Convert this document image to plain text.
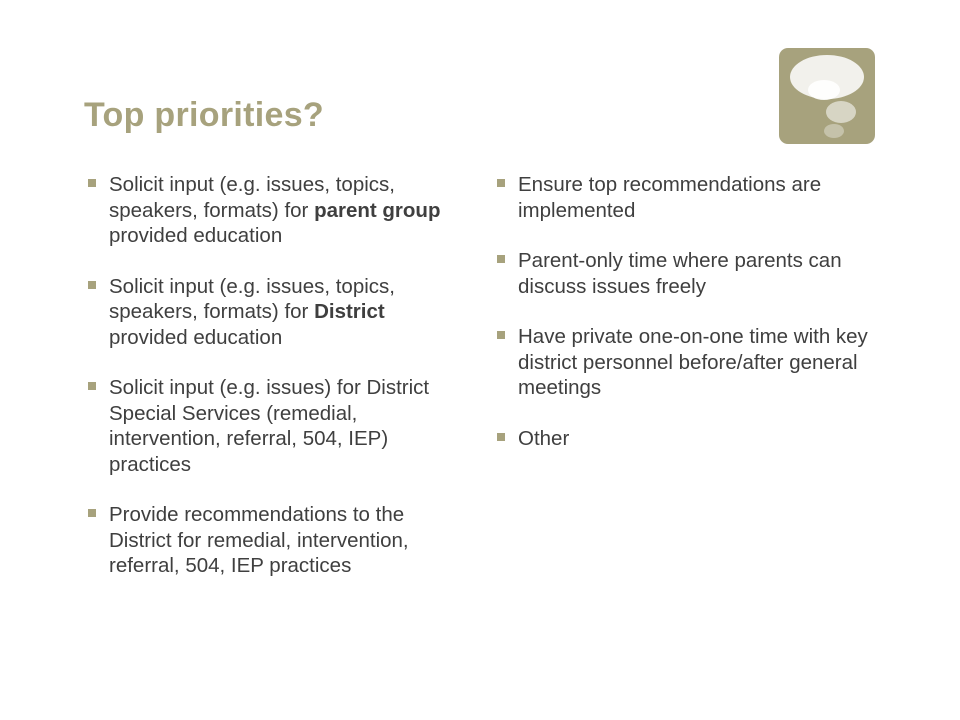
Top priorities?
Solicit input (e.g. issues, topics, speakers, formats) for parent group provided education
Solicit input (e.g. issues, topics, speakers, formats) for District provided education
Solicit input (e.g. issues) for District Special Services (remedial, intervention, referral, 504, IEP) practices
Provide recommendations to the District for remedial, intervention, referral, 504, IEP practices
Ensure top recommendations are implemented
Parent-only time where parents can discuss issues freely
Have private one-on-one time with key district personnel before/after general meetings
Other
